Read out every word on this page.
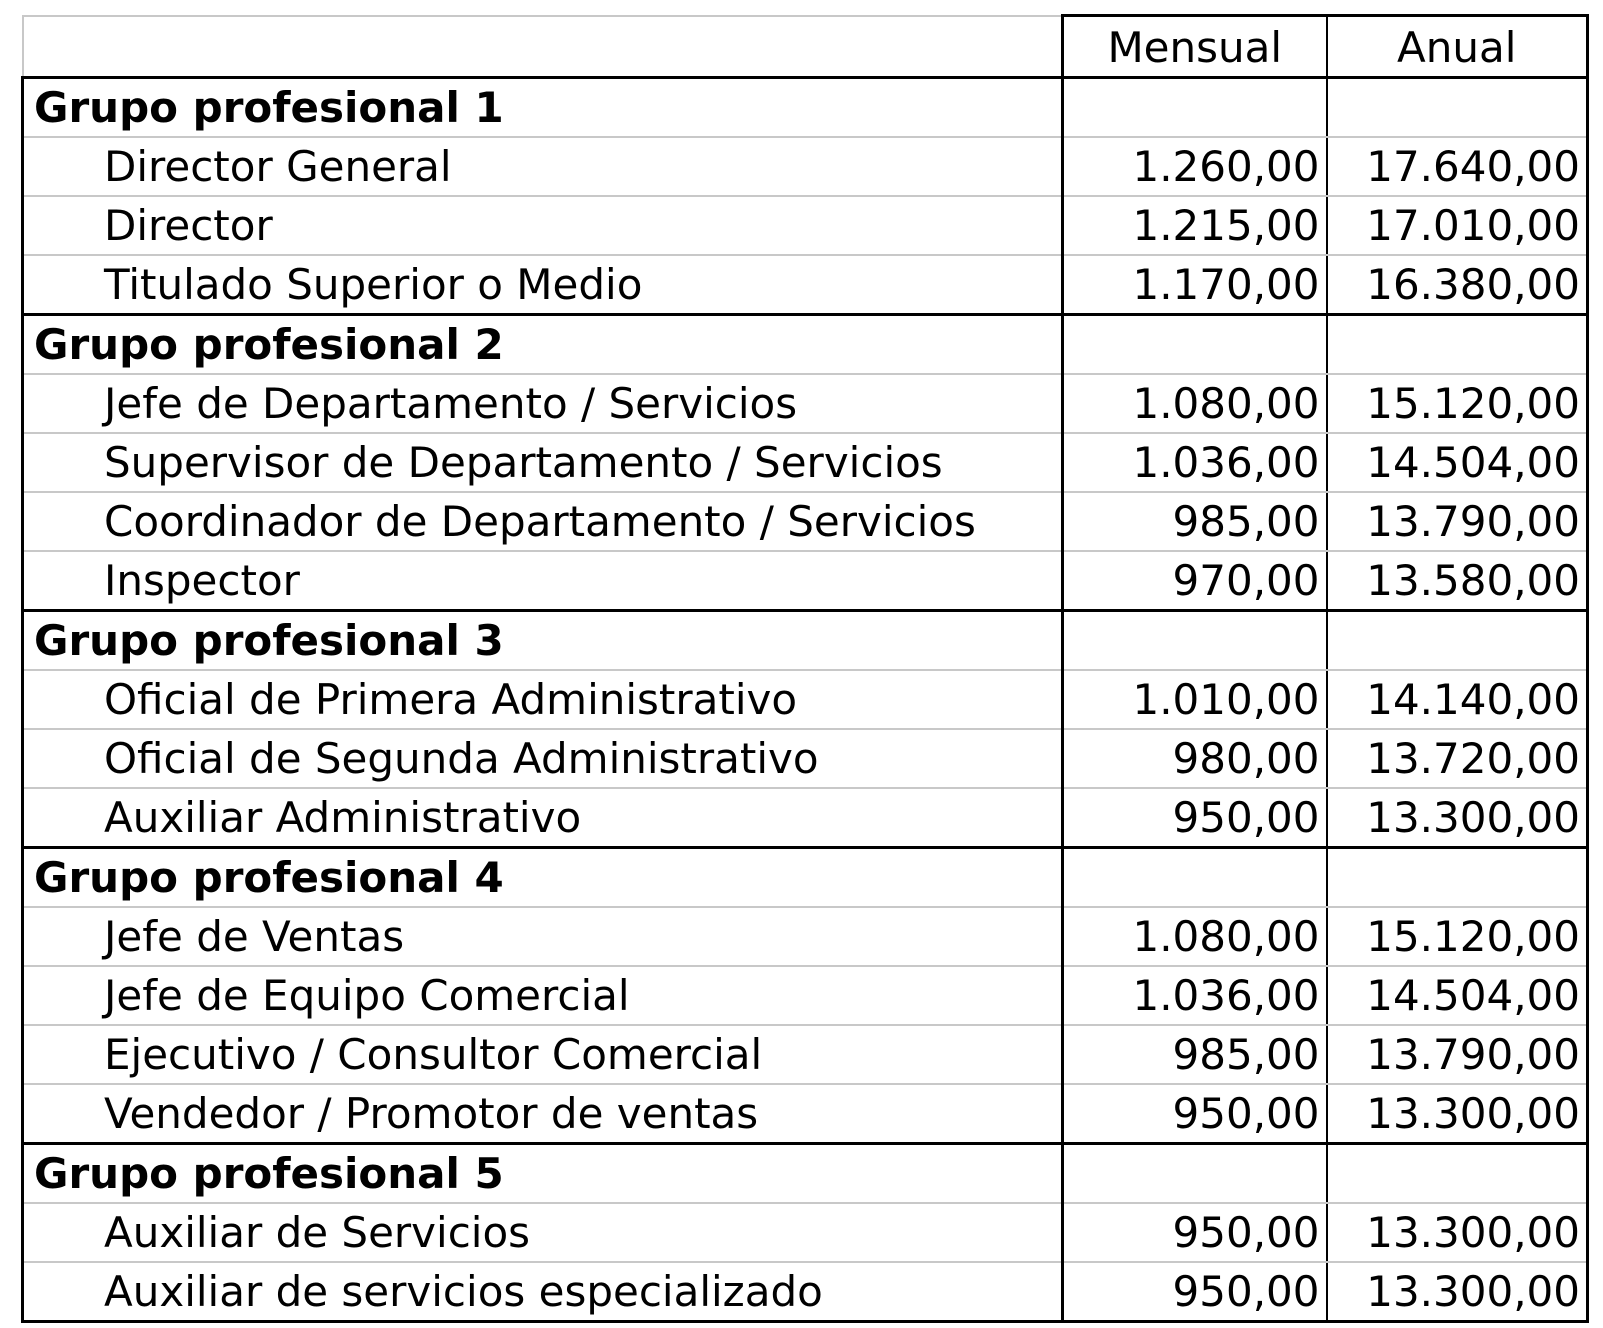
	Mensual	Anual
Grupo profesional 1		
Director General	1.260,00	17.640,00
Director	1.215,00	17.010,00
Titulado Superior o Medio	1.170,00	16.380,00
Grupo profesional 2		
Jefe de Departamento / Servicios	1.080,00	15.120,00
Supervisor de Departamento / Servicios	1.036,00	14.504,00
Coordinador de Departamento / Servicios	985,00	13.790,00
Inspector	970,00	13.580,00
Grupo profesional 3		
Oficial de Primera Administrativo	1.010,00	14.140,00
Oficial de Segunda Administrativo	980,00	13.720,00
Auxiliar Administrativo	950,00	13.300,00
Grupo profesional 4		
Jefe de Ventas	1.080,00	15.120,00
Jefe de Equipo Comercial	1.036,00	14.504,00
Ejecutivo / Consultor Comercial	985,00	13.790,00
Vendedor / Promotor de ventas	950,00	13.300,00
Grupo profesional 5		
Auxiliar de Servicios	950,00	13.300,00
Auxiliar de servicios especializado	950,00	13.300,00
